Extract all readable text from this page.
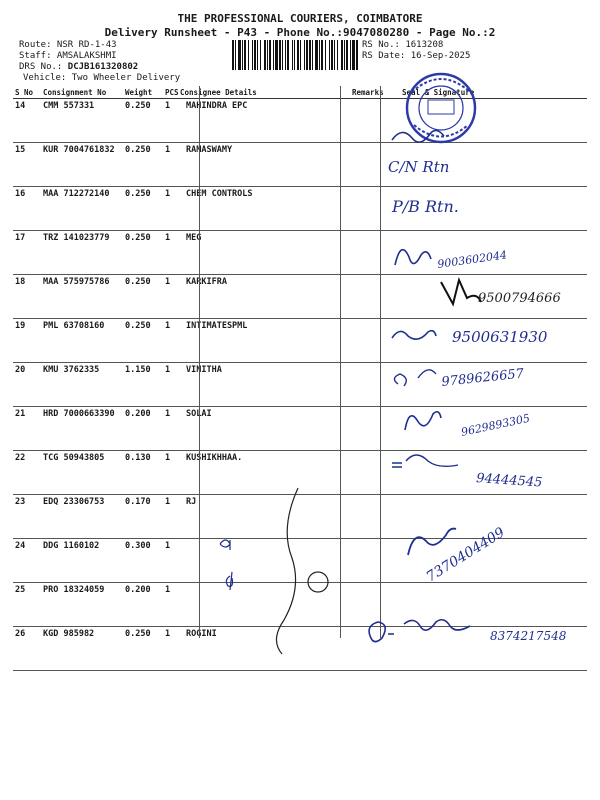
THE PROFESSIONAL COURIERS, COIMBATORE
Delivery Runsheet - P43 - Phone No.:9047080280 - Page No.:2
Route: NSR RD-1-43
Staff: AMSALAKSHMI
DRS No.: DCJB161320802
Vehicle: Two Wheeler Delivery
RS No.: 1613208
RS Date: 16-Sep-2025
S No	Consignment No	Weight	PCS	Consignee Details	Remarks	Seal & Signature
14	CMM 557331	0.250	1	MAHINDRA EPC		
15	KUR 7004761832	0.250	1	RAMASWAMY		
16	MAA 712272140	0.250	1	CHEM CONTROLS		
17	TRZ 141023779	0.250	1	MEG		
18	MAA 575975786	0.250	1	KARKIFRA		
19	PML 63708160	0.250	1	INTIMATESPML		
20	KMU 3762335	1.150	1	VINITHA		
21	HRD 7000663390	0.200	1	SOLAI		
22	TCG 50943805	0.130	1	KUSHIKHHAA.		
23	EDQ 23306753	0.170	1	RJ		
24	DDG 1160102	0.300	1			
25	PRO 18324059	0.200	1			
26	KGD 985982	0.250	1	ROGINI		
C/N Rtn
P/B Rtn.
9003602044
9500794666
9500631930
9789626657
9629893305
94444545
7370404409
8374217548
